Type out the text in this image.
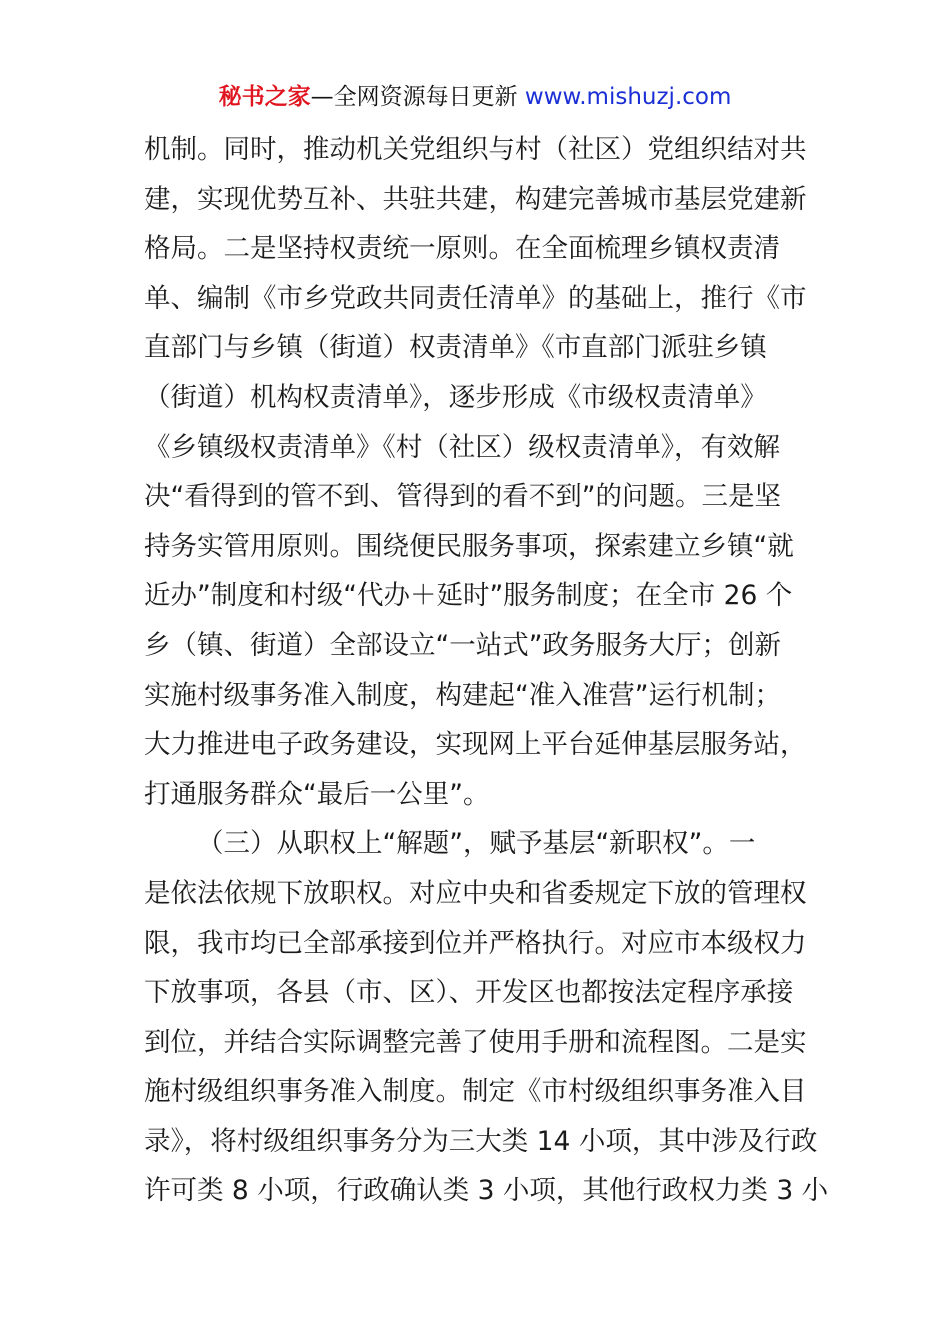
秘书之家—全网资源每日更新 www.mishuzj.com
机制。同时，推动机关党组织与村（社区）党组织结对共
建，实现优势互补、共驻共建，构建完善城市基层党建新
格局。二是坚持权责统一原则。在全面梳理乡镇权责清
单、编制《市乡党政共同责任清单》的基础上，推行《市
直部门与乡镇（街道）权责清单》《市直部门派驻乡镇
（街道）机构权责清单》，逐步形成《市级权责清单》
《乡镇级权责清单》《村（社区）级权责清单》，有效解
决“看得到的管不到、管得到的看不到”的问题。三是坚
持务实管用原则。围绕便民服务事项，探索建立乡镇“就
近办”制度和村级“代办＋延时”服务制度；在全市 26 个
乡（镇、街道）全部设立“一站式”政务服务大厅；创新
实施村级事务准入制度，构建起“准入准营”运行机制；
大力推进电子政务建设，实现网上平台延伸基层服务站，
打通服务群众“最后一公里”。
（三）从职权上“解题”，赋予基层“新职权”。一
是依法依规下放职权。对应中央和省委规定下放的管理权
限，我市均已全部承接到位并严格执行。对应市本级权力
下放事项，各县（市、区）、开发区也都按法定程序承接
到位，并结合实际调整完善了使用手册和流程图。二是实
施村级组织事务准入制度。制定《市村级组织事务准入目
录》，将村级组织事务分为三大类 14 小项，其中涉及行政
许可类 8 小项，行政确认类 3 小项，其他行政权力类 3 小
